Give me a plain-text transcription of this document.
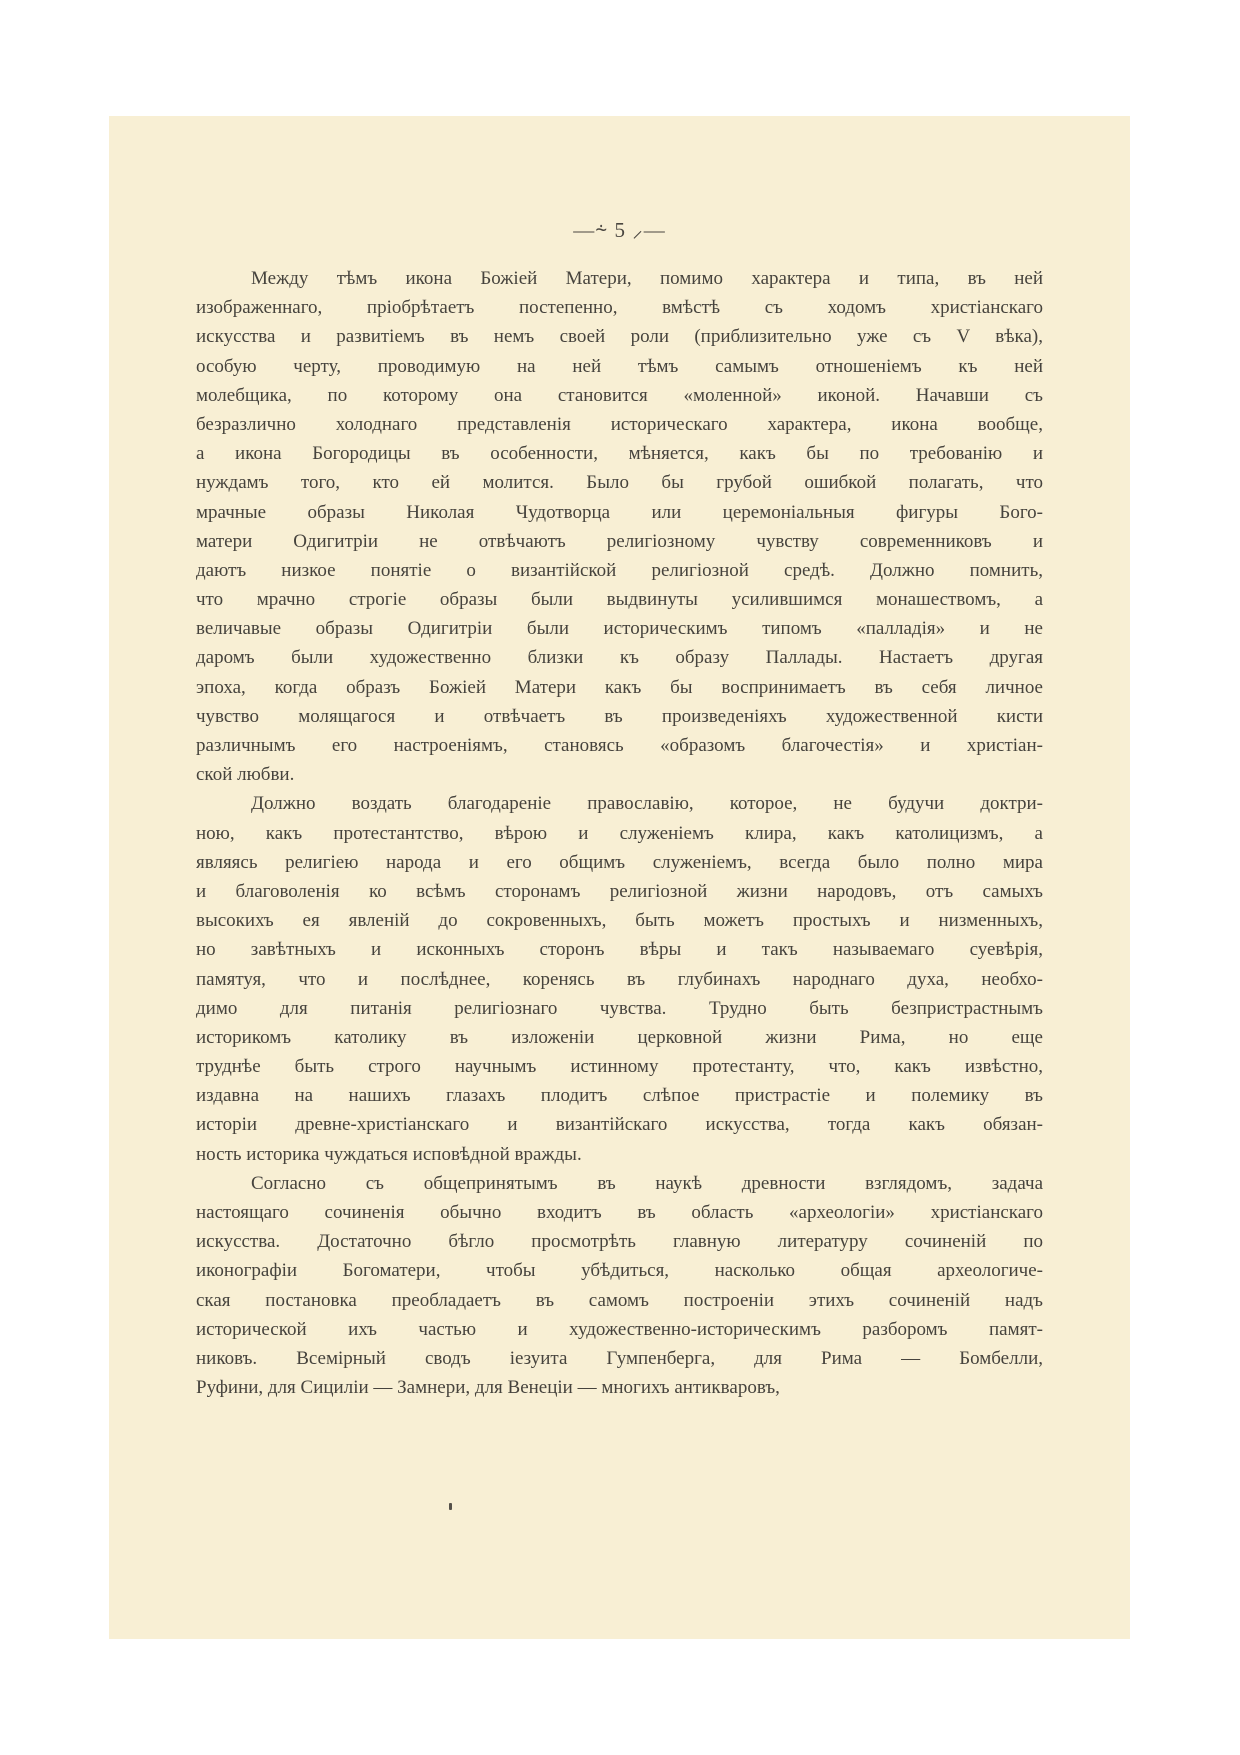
—⸞ 5 ⸝—
Между тѣмъ икона Божіей Матери, помимо характера и типа, въ ней
изображеннаго, пріобрѣтаетъ постепенно, вмѣстѣ съ ходомъ христіанскаго
искусства и развитіемъ въ немъ своей роли (приблизительно уже съ V вѣка),
особую черту, проводимую на ней тѣмъ самымъ отношеніемъ къ ней
молебщика, по которому она становится «моленной» иконой. Начавши съ
безразлично холоднаго представленія историческаго характера, икона вообще,
а икона Богородицы въ особенности, мѣняется, какъ бы по требованію и
нуждамъ того, кто ей молится. Было бы грубой ошибкой полагать, что
мрачные образы Николая Чудотворца или церемоніальныя фигуры Бого-
матери Одигитріи не отвѣчаютъ религіозному чувству современниковъ и
даютъ низкое понятіе о византійской религіозной средѣ. Должно помнить,
что мрачно строгіе образы были выдвинуты усилившимся монашествомъ, а
величавые образы Одигитріи были историческимъ типомъ «палладія» и не
даромъ были художественно близки къ образу Паллады. Настаетъ другая
эпоха, когда образъ Божіей Матери какъ бы воспринимаетъ въ себя личное
чувство молящагося и отвѣчаетъ въ произведеніяхъ художественной кисти
различнымъ его настроеніямъ, становясь «образомъ благочестія» и христіан-
ской любви.
Должно воздать благодареніе православію, которое, не будучи доктри-
ною, какъ протестантство, вѣрою и служеніемъ клира, какъ католицизмъ, а
являясь религіею народа и его общимъ служеніемъ, всегда было полно мира
и благоволенія ко всѣмъ сторонамъ религіозной жизни народовъ, отъ самыхъ
высокихъ ея явленій до сокровенныхъ, быть можетъ простыхъ и низменныхъ,
но завѣтныхъ и исконныхъ сторонъ вѣры и такъ называемаго суевѣрія,
памятуя, что и послѣднее, коренясь въ глубинахъ народнаго духа, необхо-
димо для питанія религіознаго чувства. Трудно быть безпристрастнымъ
историкомъ католику въ изложеніи церковной жизни Рима, но еще
труднѣе быть строго научнымъ истинному протестанту, что, какъ извѣстно,
издавна на нашихъ глазахъ плодитъ слѣпое пристрастіе и полемику въ
исторіи древне-христіанскаго и византійскаго искусства, тогда какъ обязан-
ность историка чуждаться исповѣдной вражды.
Согласно съ общепринятымъ въ наукѣ древности взглядомъ, задача
настоящаго сочиненія обычно входитъ въ область «археологіи» христіанскаго
искусства. Достаточно бѣгло просмотрѣть главную литературу сочиненій по
иконографіи Богоматери, чтобы убѣдиться, насколько общая археологиче-
ская постановка преобладаетъ въ самомъ построеніи этихъ сочиненій надъ
исторической ихъ частью и художественно-историческимъ разборомъ памят-
никовъ. Всемірный сводъ іезуита Гумпенберга, для Рима — Бомбелли,
Руфини, для Сициліи — Замнери, для Венеціи — многихъ антикваровъ,
